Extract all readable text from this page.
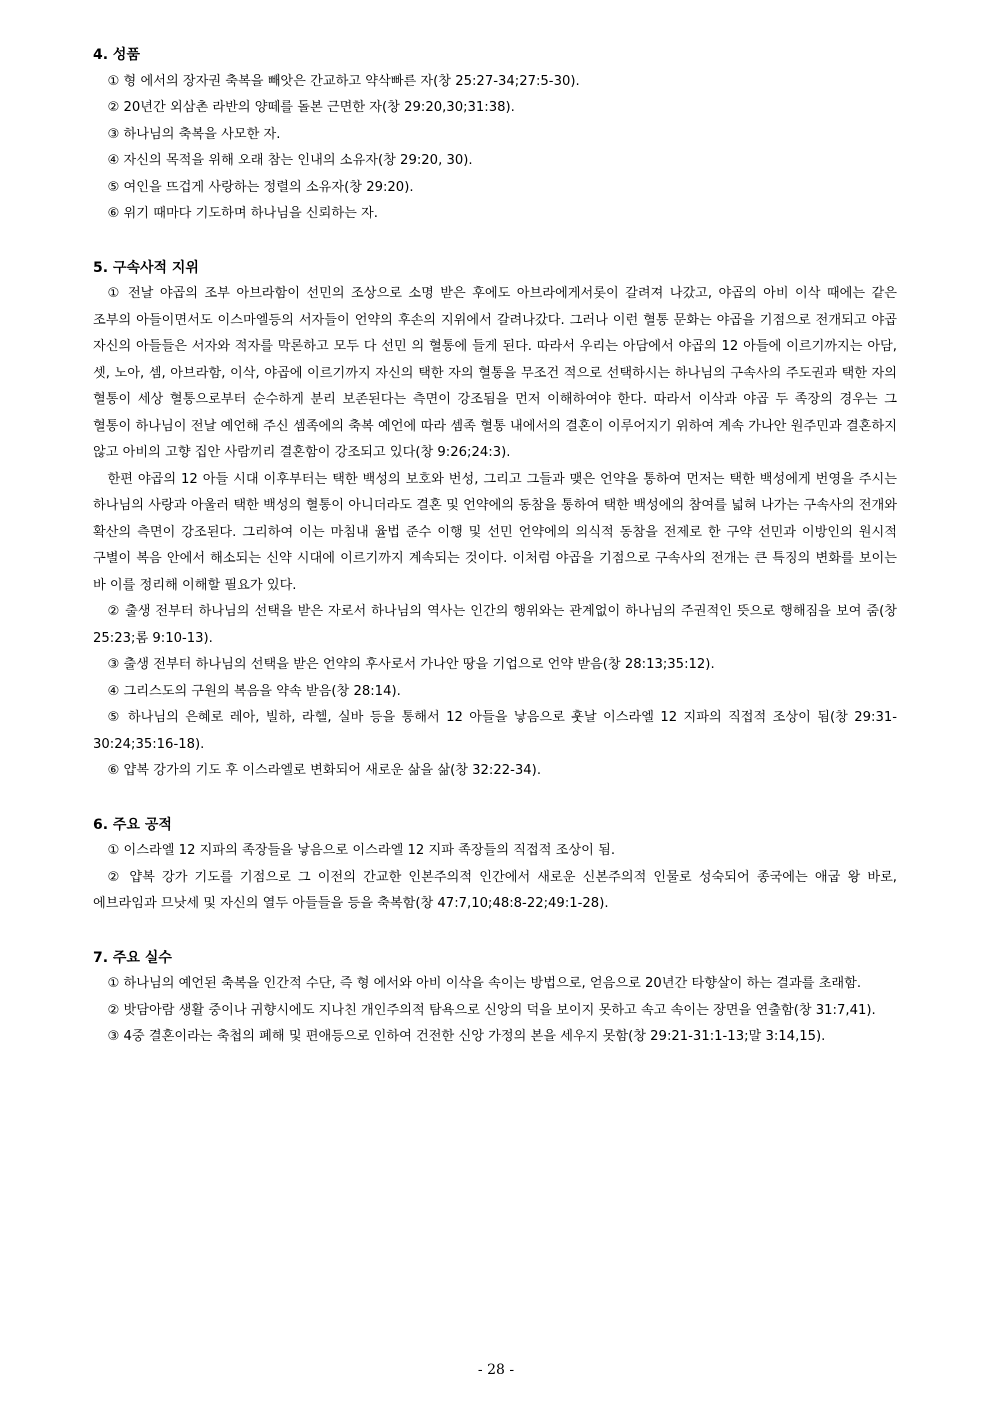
4. 성품

① 형 에서의 장자권 축복을 빼앗은 간교하고 약삭빠른 자(창 25:27-34;27:5-30).

② 20년간 외삼촌 라반의 양떼를 돌본 근면한 자(창 29:20,30;31:38).

③ 하나님의 축복을 사모한 자.

④ 자신의 목적을 위해 오래 참는 인내의 소유자(창 29:20, 30).

⑤ 여인을 뜨겁게 사랑하는 정렬의 소유자(창 29:20).

⑥ 위기 때마다 기도하며 하나님을 신뢰하는 자.

5. 구속사적 지위

① 전날 야곱의 조부 아브라함이 선민의 조상으로 소명 받은 후에도 아브라에게서롯이 갈려져 나갔고, 야곱의 아비 이삭 때에는 같은 조부의 아들이면서도 이스마엘등의 서자들이 언약의 후손의 지위에서 갈려나갔다. 그러나 이런 혈통 문화는 야곱을 기점으로 전개되고 야곱 자신의 아들들은 서자와 적자를 막론하고 모두 다 선민 의 혈통에 들게 된다. 따라서 우리는 아담에서 야곱의 12 아들에 이르기까지는 아담, 셋, 노아, 셈, 아브라함, 이삭, 야곱에 이르기까지 자신의 택한 자의 혈통을 무조건 적으로 선택하시는 하나님의 구속사의 주도권과 택한 자의 혈통이 세상 혈통으로부터 순수하게 분리 보존된다는 측면이 강조됨을 먼저 이해하여야 한다. 따라서 이삭과 야곱 두 족장의 경우는 그 혈통이 하나님이 전날 예언해 주신 셈족에의 축복 예언에 따라 셈족 혈통 내에서의 결혼이 이루어지기 위하여 계속 가나안 원주민과 결혼하지 않고 아비의 고향 집안 사람끼리 결혼함이 강조되고 있다(창 9:26;24:3).

한편 야곱의 12 아들 시대 이후부터는 택한 백성의 보호와 번성, 그리고 그들과 맺은 언약을 통하여 먼저는 택한 백성에게 번영을 주시는 하나님의 사랑과 아울러 택한 백성의 혈통이 아니더라도 결혼 및 언약에의 동참을 통하여 택한 백성에의 참여를 넓혀 나가는 구속사의 전개와 확산의 측면이 강조된다. 그리하여 이는 마침내 율법 준수 이행 및 선민 언약에의 의식적 동참을 전제로 한 구약 선민과 이방인의 원시적 구별이 복음 안에서 해소되는 신약 시대에 이르기까지 계속되는 것이다. 이처럼 야곱을 기점으로 구속사의 전개는 큰 특징의 변화를 보이는 바 이를 정리해 이해할 필요가 있다.

② 출생 전부터 하나님의 선택을 받은 자로서 하나님의 역사는 인간의 행위와는 관계없이 하나님의 주권적인 뜻으로 행해짐을 보여 줌(창 25:23;롬 9:10-13).

③ 출생 전부터 하나님의 선택을 받은 언약의 후사로서 가나안 땅을 기업으로 언약 받음(창 28:13;35:12).

④ 그리스도의 구원의 복음을 약속 받음(창 28:14).

⑤ 하나님의 은혜로 레아, 빌하, 라헬, 실바 등을 통해서 12 아들을 낳음으로 훗날 이스라엘 12 지파의 직접적 조상이 됨(창 29:31-30:24;35:16-18).

⑥ 얍복 강가의 기도 후 이스라엘로 변화되어 새로운 삶을 삶(창 32:22-34).

6. 주요 공적

① 이스라엘 12 지파의 족장들을 낳음으로 이스라엘 12 지파 족장들의 직접적 조상이 됨.

② 얍복 강가 기도를 기점으로 그 이전의 간교한 인본주의적 인간에서 새로운 신본주의적 인물로 성숙되어 종국에는 애굽 왕 바로, 에브라임과 므낫세 및 자신의 열두 아들들을 등을 축복함(창 47:7,10;48:8-22;49:1-28).

7. 주요 실수

① 하나님의 예언된 축복을 인간적 수단, 즉 형 에서와 아비 이삭을 속이는 방법으로, 얻음으로 20년간 타향살이 하는 결과를 초래함.

② 밧담아람 생활 중이나 귀향시에도 지나친 개인주의적 탐욕으로 신앙의 덕을 보이지 못하고 속고 속이는 장면을 연출함(창 31:7,41).

③ 4중 결혼이라는 축첩의 폐해 및 편애등으로 인하여 건전한 신앙 가정의 본을 세우지 못함(창 29:21-31:1-13;말 3:14,15).

- 28 -
